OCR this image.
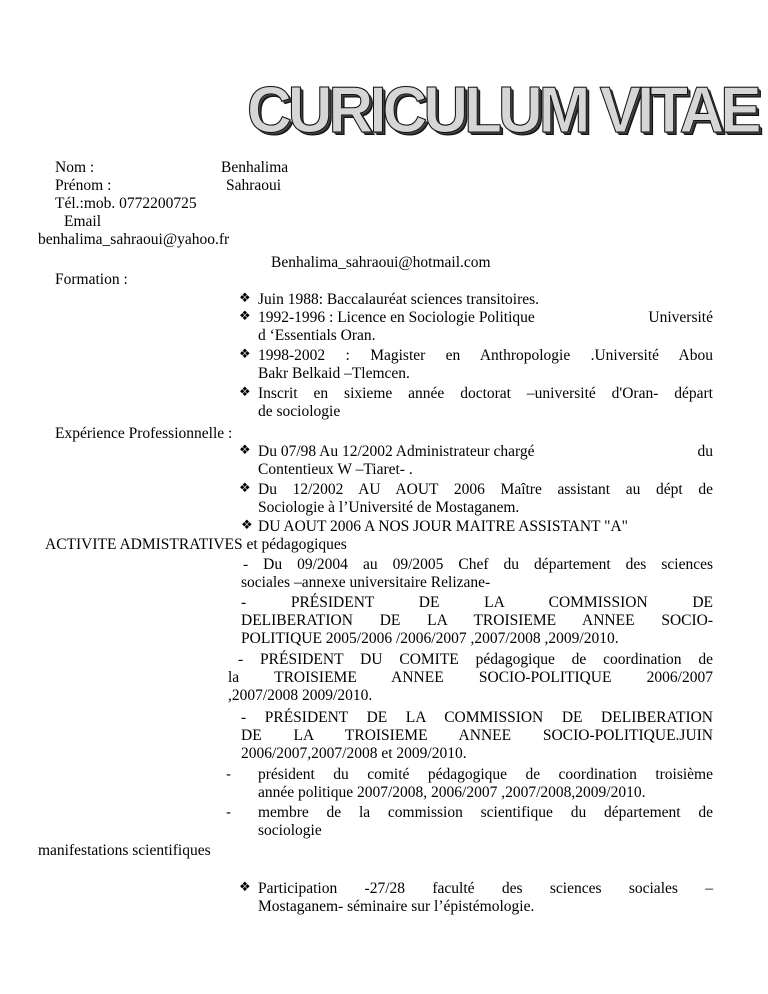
CURICULUM VITAE
Nom :	Benhalima
Prénom :	Sahraoui
Tél.:mob. 0772200725
Email
benhalima_sahraoui@yahoo.fr
Benhalima_sahraoui@hotmail.com
Formation :
❖ Juin 1988: Baccalauréat sciences transitoires.
❖ 1992-1996 : Licence en Sociologie Politique	Université
d ‘Essentials Oran.
❖ 1998-2002 : Magister en Anthropologie .Université Abou
Bakr Belkaid –Tlemcen.
❖ Inscrit en sixieme année doctorat –université d'Oran- départ
de sociologie
Expérience Professionnelle :
❖ Du 07/98 Au 12/2002 Administrateur chargé	du
Contentieux W –Tiaret- .
❖ Du 12/2002 AU AOUT 2006 Maître assistant au dépt de
Sociologie à l’Université de Mostaganem.
❖ DU AOUT 2006 A NOS JOUR MAITRE ASSISTANT "A"
ACTIVITE ADMISTRATIVES et pédagogiques
- Du 09/2004 au 09/2005 Chef du département des sciences
sociales –annexe universitaire Relizane-
- PRÉSIDENT DE LA COMMISSION DE
DELIBERATION DE LA TROISIEME ANNEE SOCIO-
POLITIQUE 2005/2006 /2006/2007 ,2007/2008 ,2009/2010.
- PRÉSIDENT DU COMITE pédagogique de coordination de
la TROISIEME ANNEE SOCIO-POLITIQUE 2006/2007
,2007/2008 2009/2010.
- PRÉSIDENT DE LA COMMISSION DE DELIBERATION
DE LA TROISIEME ANNEE SOCIO-POLITIQUE.JUIN
2006/2007,2007/2008 et 2009/2010.
- président du comité pédagogique de coordination troisième
année politique 2007/2008, 2006/2007 ,2007/2008,2009/2010.
- membre de la commission scientifique du département de
sociologie
manifestations scientifiques
❖ Participation -27/28 faculté des sciences sociales –
Mostaganem- séminaire sur l’épistémologie.
